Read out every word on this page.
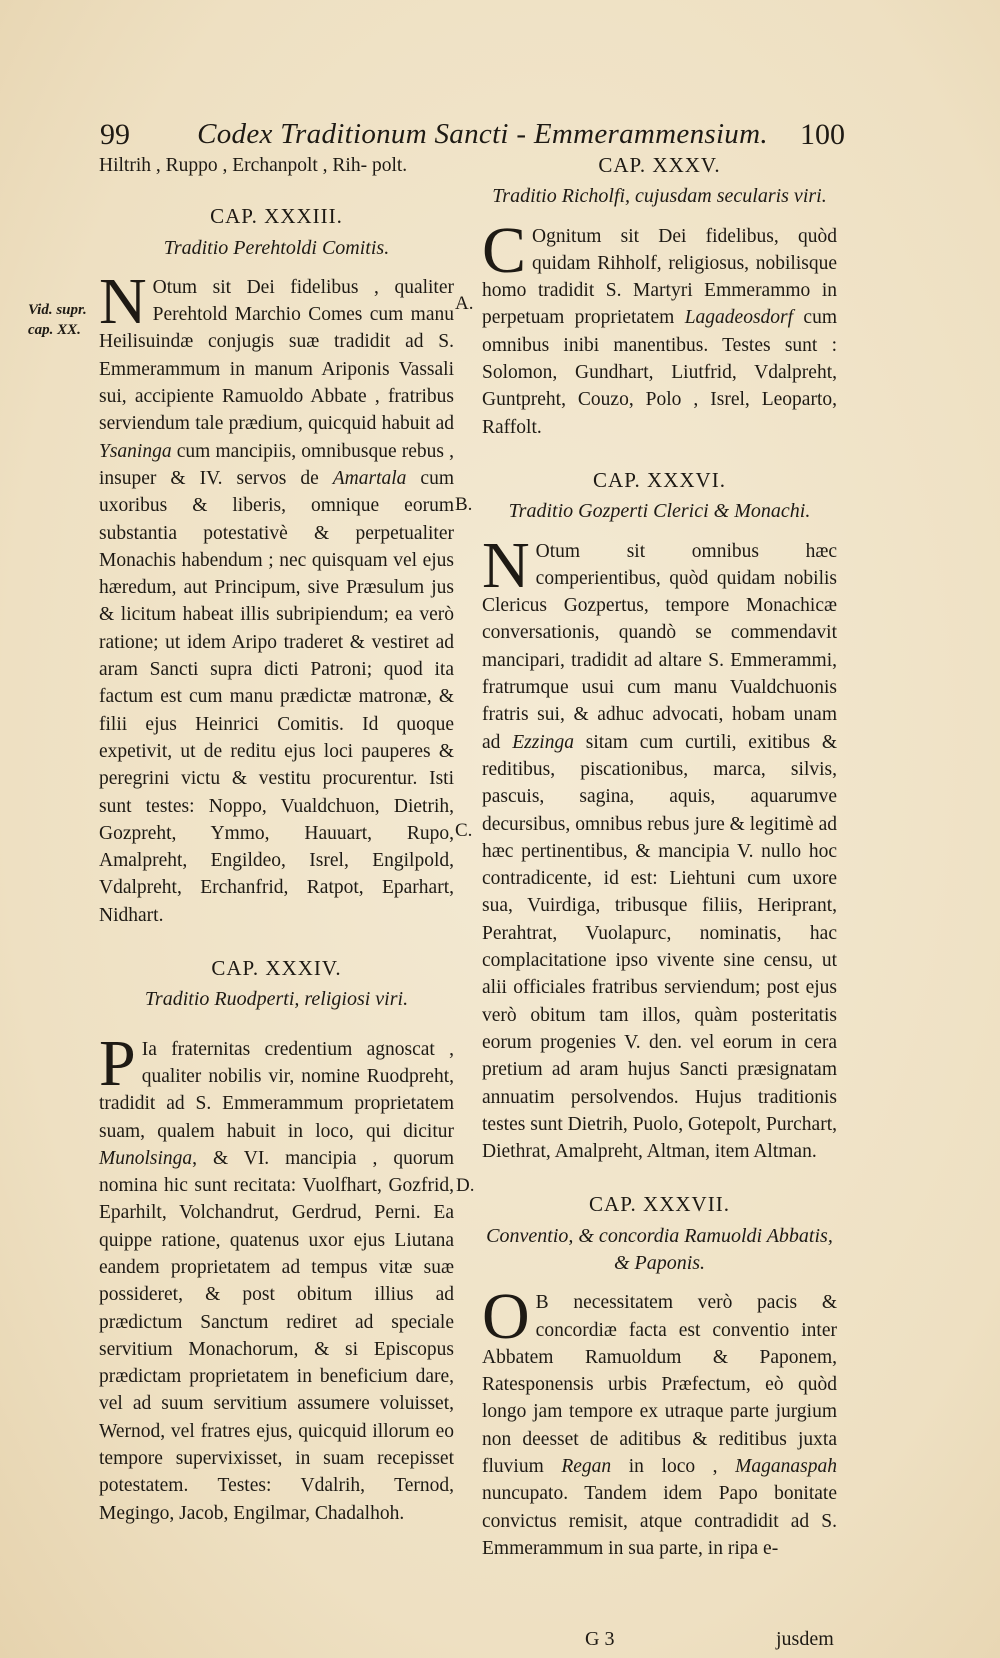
99 Codex Traditionum Sancti - Emmerammensium. 100
Vid. supr.
cap. XX.
A.
B.
C.
D.

Hiltrih , Ruppo , Erchanpolt , Rih- polt.

CAP. XXXIII.
Traditio Perehtoldi Comitis.

N Otum sit Dei fidelibus , qualiter Perehtold Marchio Comes cum manu Heilisuindæ conjugis suæ tradidit ad S. Emmerammum in manum Ariponis Vassali sui, accipiente Ramuoldo Abbate , fratribus serviendum tale prædium, quicquid habuit ad Ysaninga cum mancipiis, omnibusque rebus , insuper & IV. servos de Amartala cum uxoribus & liberis, omnique eorum substantia potestativè & perpetualiter Monachis habendum ; nec quisquam vel ejus hæredum, aut Principum, sive Præsulum jus & licitum habeat illis subripiendum; ea verò ratione; ut idem Aripo traderet & vestiret ad aram Sancti supra dicti Patroni; quod ita factum est cum manu prædictæ matronæ, & filii ejus Heinrici Comitis. Id quoque expetivit, ut de reditu ejus loci pauperes & peregrini victu & vestitu procurentur. Isti sunt testes: Noppo, Vualdchuon, Dietrih, Gozpreht, Ymmo, Hauuart, Rupo, Amalpreht, Engildeo, Isrel, Engilpold, Vdalpreht, Erchanfrid, Ratpot, Eparhart, Nidhart.

CAP. XXXIV.
Traditio Ruodperti, religiosi viri.

P Ia fraternitas credentium agnoscat , qualiter nobilis vir, nomine Ruodpreht, tradidit ad S. Emmerammum proprietatem suam, qualem habuit in loco, qui dicitur Munolsinga, & VI. mancipia , quorum nomina hic sunt recitata: Vuolfhart, Gozfrid, Eparhilt, Volchandrut, Gerdrud, Perni. Ea quippe ratione, quatenus uxor ejus Liutana eandem proprietatem ad tempus vitæ suæ possideret, & post obitum illius ad prædictum Sanctum rediret ad speciale servitium Monachorum, & si Episcopus prædictam proprietatem in beneficium dare, vel ad suum servitium assumere voluisset, Wernod, vel fratres ejus, quicquid illorum eo tempore supervixisset, in suam recepisset potestatem. Testes: Vdalrih, Ternod, Megingo, Jacob, Engilmar, Chadalhoh.

CAP. XXXV.
Traditio Richolfi, cujusdam secularis viri.

C Ognitum sit Dei fidelibus, quòd quidam Rihholf, religiosus, nobilisque homo tradidit S. Martyri Emmerammo in perpetuam proprietatem Lagadeosdorf cum omnibus inibi manentibus. Testes sunt : Solomon, Gundhart, Liutfrid, Vdalpreht, Guntpreht, Couzo, Polo , Isrel, Leoparto, Raffolt.

CAP. XXXVI.
Traditio Gozperti Clerici & Monachi.

N Otum sit omnibus hæc comperientibus, quòd quidam nobilis Clericus Gozpertus, tempore Monachicæ conversationis, quandò se commendavit mancipari, tradidit ad altare S. Emmerammi, fratrumque usui cum manu Vualdchuonis fratris sui, & adhuc advocati, hobam unam ad Ezzinga sitam cum curtili, exitibus & reditibus, piscationibus, marca, silvis, pascuis, sagina, aquis, aquarumve decursibus, omnibus rebus jure & legitimè ad hæc pertinentibus, & mancipia V. nullo hoc contradicente, id est: Liehtuni cum uxore sua, Vuirdiga, tribusque filiis, Heriprant, Perahtrat, Vuolapurc, nominatis, hac complacitatione ipso vivente sine censu, ut alii officiales fratribus serviendum; post ejus verò obitum tam illos, quàm posteritatis eorum progenies V. den. vel eorum in cera pretium ad aram hujus Sancti præsignatam annuatim persolvendos. Hujus traditionis testes sunt Dietrih, Puolo, Gotepolt, Purchart, Diethrat, Amalpreht, Altman, item Altman.

CAP. XXXVII.
Conventio, & concordia Ramuoldi Abbatis, & Paponis.

O B necessitatem verò pacis & concordiæ facta est conventio inter Abbatem Ramuoldum & Paponem, Ratesponensis urbis Præfectum, eò quòd longo jam tempore ex utraque parte jurgium non deesset de aditibus & reditibus juxta fluvium Regan in loco , Maganaspah nuncupato. Tandem idem Papo bonitate convictus remisit, atque contradidit ad S. Emmerammum in sua parte, in ripa e-

G 3	jusdem
